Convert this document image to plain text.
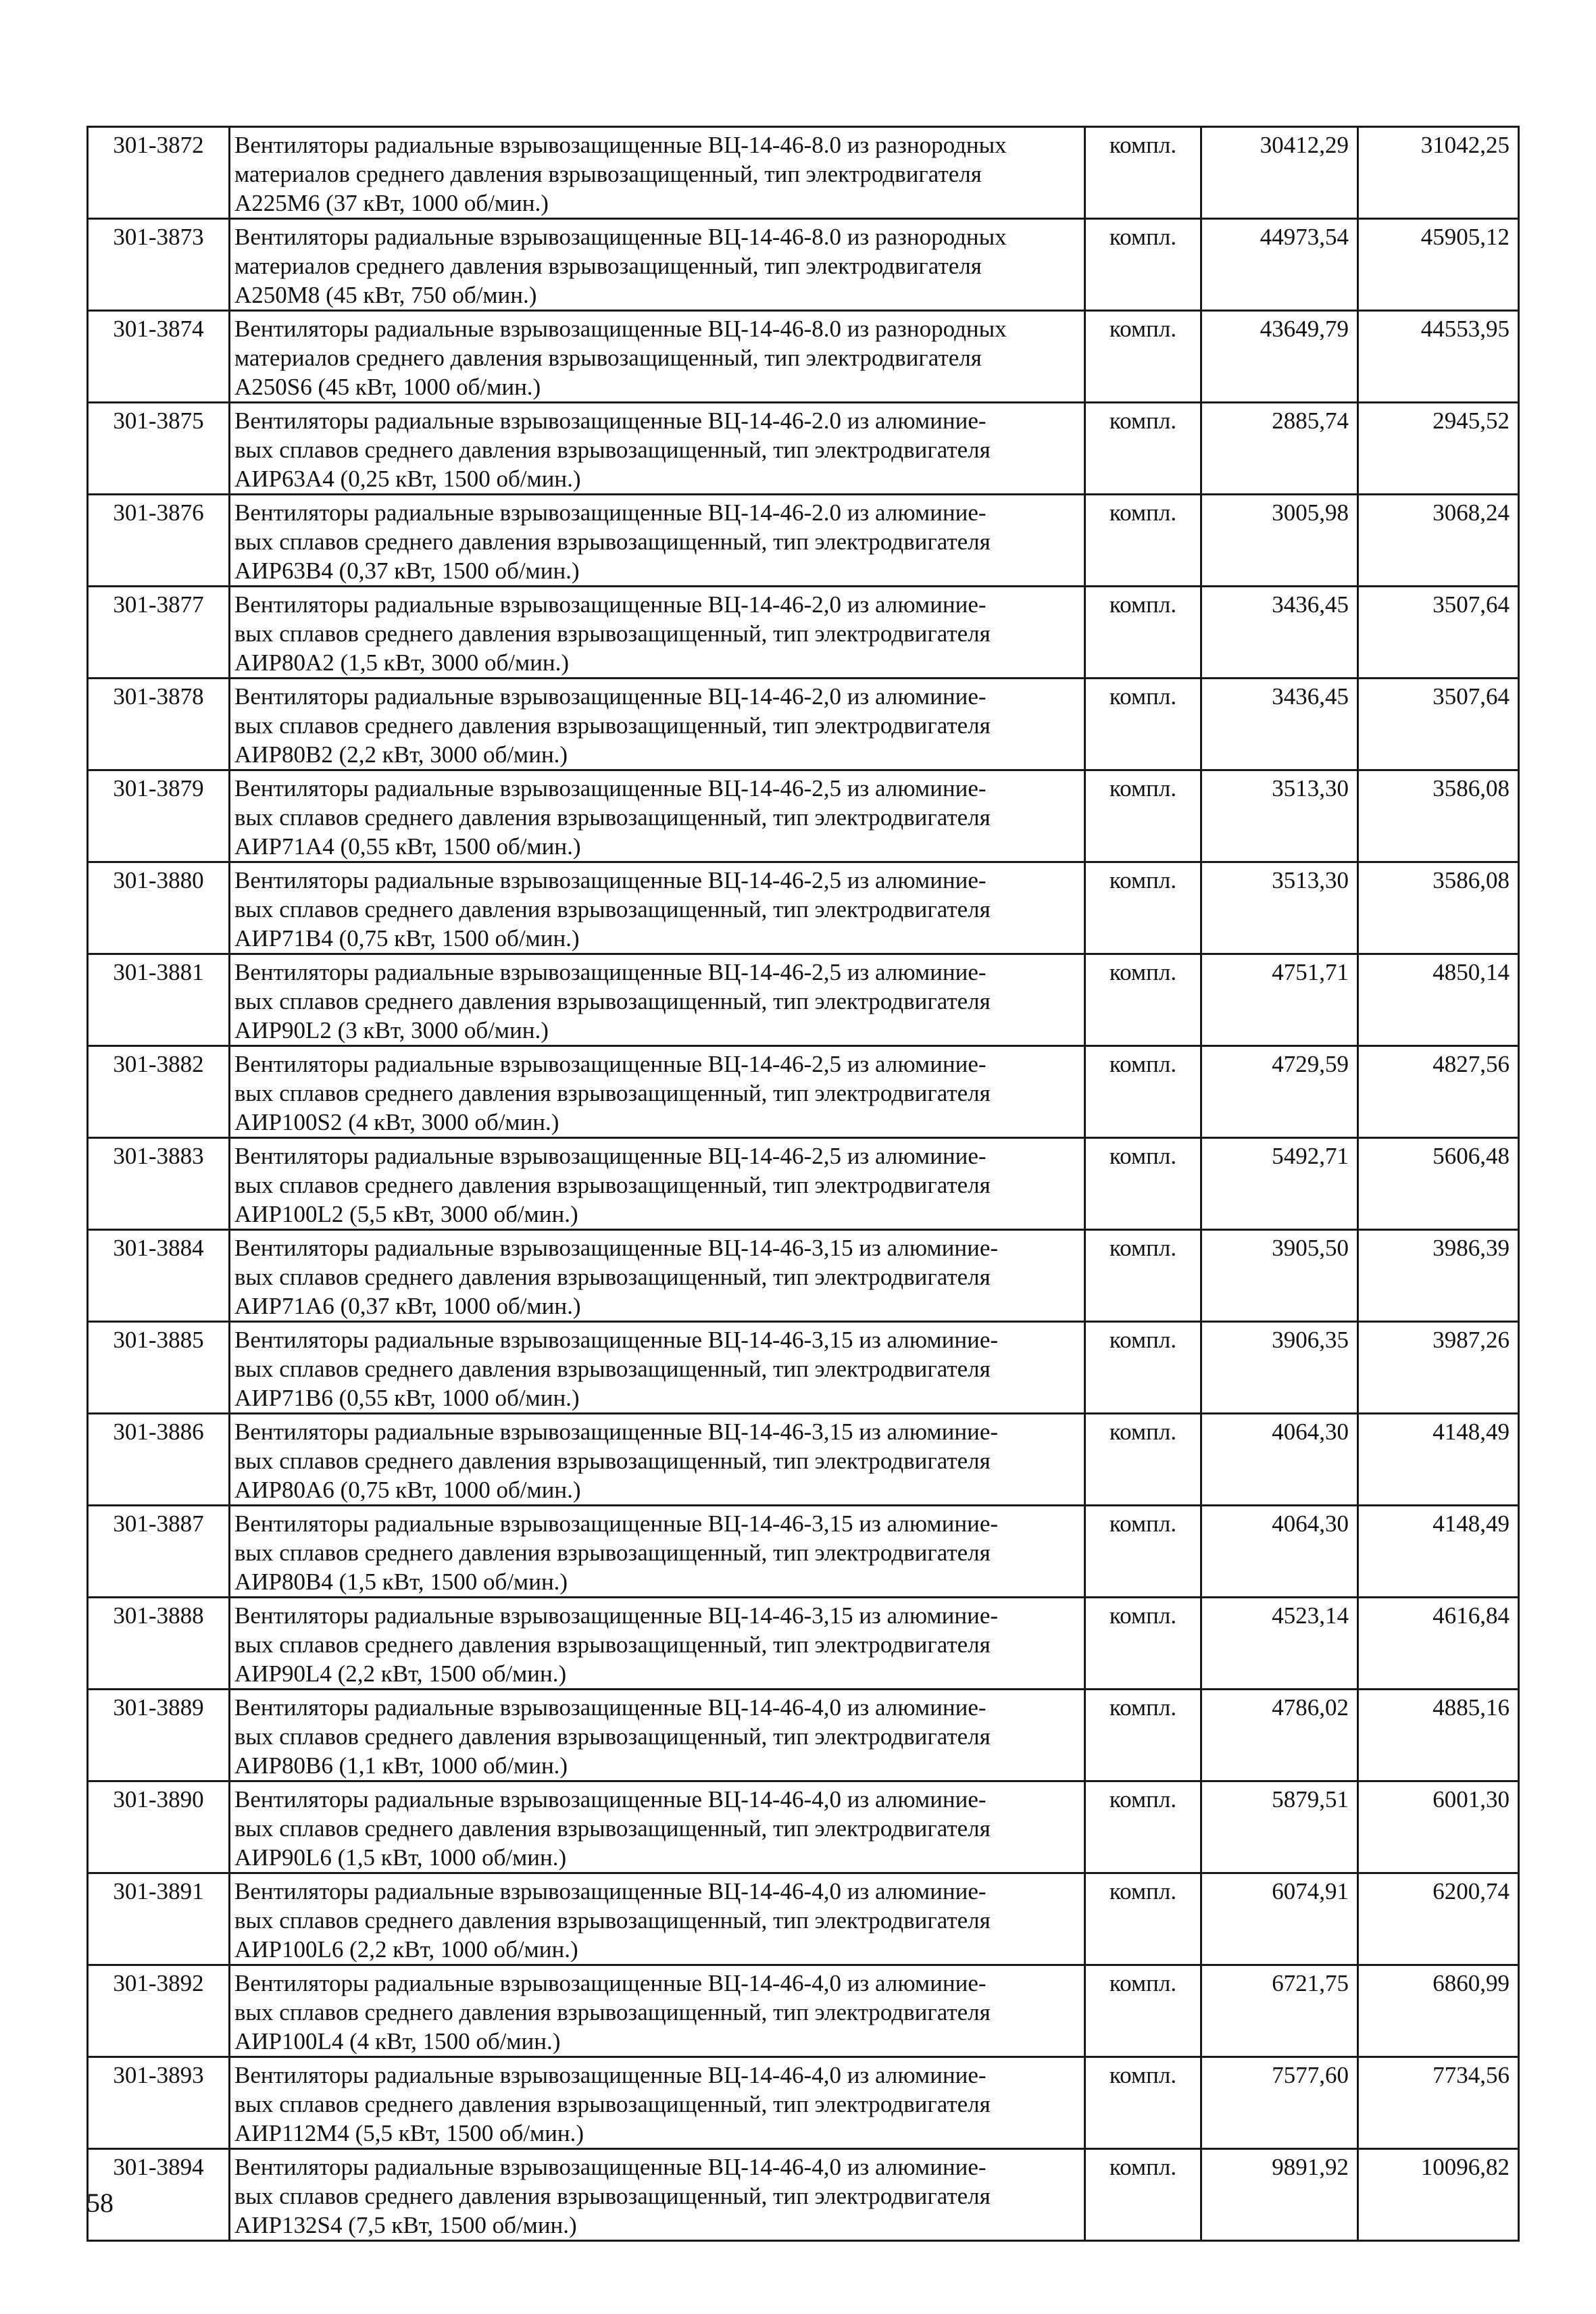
301-3872	Вентиляторы радиальные взрывозащищенные ВЦ-14-46-8.0 из разнородных
материалов среднего давления взрывозащищенный, тип электродвигателя
А225М6 (37 кВт, 1000 об/мин.)	компл.	30412,29	31042,25
301-3873	Вентиляторы радиальные взрывозащищенные ВЦ-14-46-8.0 из разнородных
материалов среднего давления взрывозащищенный, тип электродвигателя
А250М8 (45 кВт, 750 об/мин.)	компл.	44973,54	45905,12
301-3874	Вентиляторы радиальные взрывозащищенные ВЦ-14-46-8.0 из разнородных
материалов среднего давления взрывозащищенный, тип электродвигателя
А250S6 (45 кВт, 1000 об/мин.)	компл.	43649,79	44553,95
301-3875	Вентиляторы радиальные взрывозащищенные ВЦ-14-46-2.0 из алюминие-
вых сплавов среднего давления взрывозащищенный, тип электродвигателя
АИР63А4 (0,25 кВт, 1500 об/мин.)	компл.	2885,74	2945,52
301-3876	Вентиляторы радиальные взрывозащищенные ВЦ-14-46-2.0 из алюминие-
вых сплавов среднего давления взрывозащищенный, тип электродвигателя
АИР63В4 (0,37 кВт, 1500 об/мин.)	компл.	3005,98	3068,24
301-3877	Вентиляторы радиальные взрывозащищенные ВЦ-14-46-2,0 из алюминие-
вых сплавов среднего давления взрывозащищенный, тип электродвигателя
АИР80А2 (1,5 кВт, 3000 об/мин.)	компл.	3436,45	3507,64
301-3878	Вентиляторы радиальные взрывозащищенные ВЦ-14-46-2,0 из алюминие-
вых сплавов среднего давления взрывозащищенный, тип электродвигателя
АИР80В2 (2,2 кВт, 3000 об/мин.)	компл.	3436,45	3507,64
301-3879	Вентиляторы радиальные взрывозащищенные ВЦ-14-46-2,5 из алюминие-
вых сплавов среднего давления взрывозащищенный, тип электродвигателя
АИР71А4 (0,55 кВт, 1500 об/мин.)	компл.	3513,30	3586,08
301-3880	Вентиляторы радиальные взрывозащищенные ВЦ-14-46-2,5 из алюминие-
вых сплавов среднего давления взрывозащищенный, тип электродвигателя
АИР71В4 (0,75 кВт, 1500 об/мин.)	компл.	3513,30	3586,08
301-3881	Вентиляторы радиальные взрывозащищенные ВЦ-14-46-2,5 из алюминие-
вых сплавов среднего давления взрывозащищенный, тип электродвигателя
АИР90L2 (3 кВт, 3000 об/мин.)	компл.	4751,71	4850,14
301-3882	Вентиляторы радиальные взрывозащищенные ВЦ-14-46-2,5 из алюминие-
вых сплавов среднего давления взрывозащищенный, тип электродвигателя
АИР100S2 (4 кВт, 3000 об/мин.)	компл.	4729,59	4827,56
301-3883	Вентиляторы радиальные взрывозащищенные ВЦ-14-46-2,5 из алюминие-
вых сплавов среднего давления взрывозащищенный, тип электродвигателя
АИР100L2 (5,5 кВт, 3000 об/мин.)	компл.	5492,71	5606,48
301-3884	Вентиляторы радиальные взрывозащищенные ВЦ-14-46-3,15 из алюминие-
вых сплавов среднего давления взрывозащищенный, тип электродвигателя
АИР71А6 (0,37 кВт, 1000 об/мин.)	компл.	3905,50	3986,39
301-3885	Вентиляторы радиальные взрывозащищенные ВЦ-14-46-3,15 из алюминие-
вых сплавов среднего давления взрывозащищенный, тип электродвигателя
АИР71В6 (0,55 кВт, 1000 об/мин.)	компл.	3906,35	3987,26
301-3886	Вентиляторы радиальные взрывозащищенные ВЦ-14-46-3,15 из алюминие-
вых сплавов среднего давления взрывозащищенный, тип электродвигателя
АИР80А6 (0,75 кВт, 1000 об/мин.)	компл.	4064,30	4148,49
301-3887	Вентиляторы радиальные взрывозащищенные ВЦ-14-46-3,15 из алюминие-
вых сплавов среднего давления взрывозащищенный, тип электродвигателя
АИР80В4 (1,5 кВт, 1500 об/мин.)	компл.	4064,30	4148,49
301-3888	Вентиляторы радиальные взрывозащищенные ВЦ-14-46-3,15 из алюминие-
вых сплавов среднего давления взрывозащищенный, тип электродвигателя
АИР90L4 (2,2 кВт, 1500 об/мин.)	компл.	4523,14	4616,84
301-3889	Вентиляторы радиальные взрывозащищенные ВЦ-14-46-4,0 из алюминие-
вых сплавов среднего давления взрывозащищенный, тип электродвигателя
АИР80В6 (1,1 кВт, 1000 об/мин.)	компл.	4786,02	4885,16
301-3890	Вентиляторы радиальные взрывозащищенные ВЦ-14-46-4,0 из алюминие-
вых сплавов среднего давления взрывозащищенный, тип электродвигателя
АИР90L6 (1,5 кВт, 1000 об/мин.)	компл.	5879,51	6001,30
301-3891	Вентиляторы радиальные взрывозащищенные ВЦ-14-46-4,0 из алюминие-
вых сплавов среднего давления взрывозащищенный, тип электродвигателя
АИР100L6 (2,2 кВт, 1000 об/мин.)	компл.	6074,91	6200,74
301-3892	Вентиляторы радиальные взрывозащищенные ВЦ-14-46-4,0 из алюминие-
вых сплавов среднего давления взрывозащищенный, тип электродвигателя
АИР100L4 (4 кВт, 1500 об/мин.)	компл.	6721,75	6860,99
301-3893	Вентиляторы радиальные взрывозащищенные ВЦ-14-46-4,0 из алюминие-
вых сплавов среднего давления взрывозащищенный, тип электродвигателя
АИР112М4 (5,5 кВт, 1500 об/мин.)	компл.	7577,60	7734,56
301-3894	Вентиляторы радиальные взрывозащищенные ВЦ-14-46-4,0 из алюминие-
вых сплавов среднего давления взрывозащищенный, тип электродвигателя
АИР132S4 (7,5 кВт, 1500 об/мин.)	компл.	9891,92	10096,82
58
